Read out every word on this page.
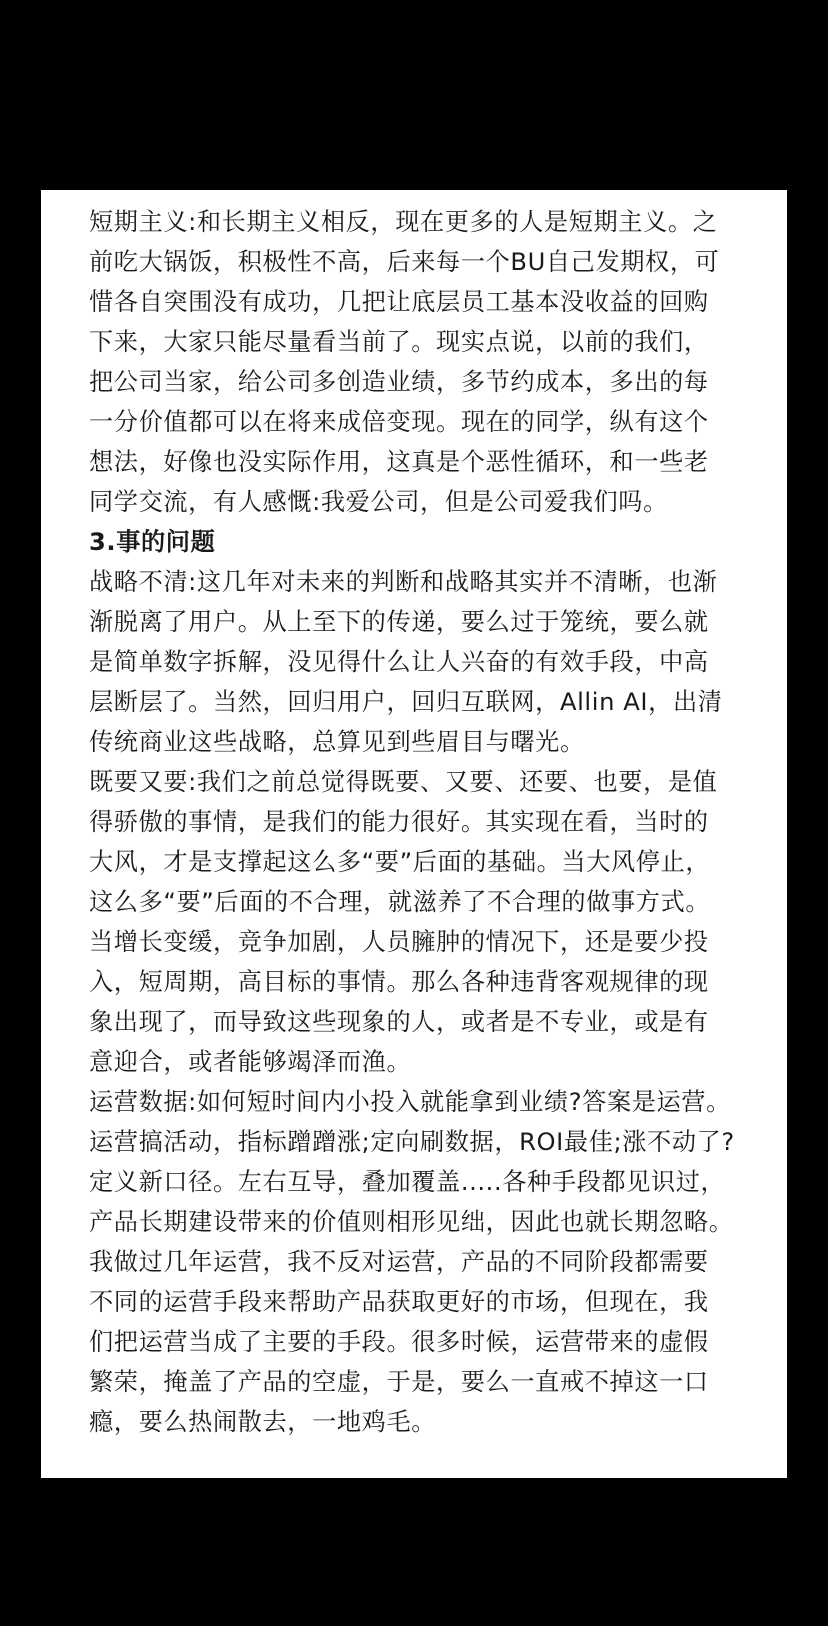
短期主义:和长期主义相反，现在更多的人是短期主义。之
前吃大锅饭，积极性不高，后来每一个BU自己发期权，可
惜各自突围没有成功，几把让底层员工基本没收益的回购
下来，大家只能尽量看当前了。现实点说，以前的我们，
把公司当家，给公司多创造业绩，多节约成本，多出的每
一分价值都可以在将来成倍变现。现在的同学，纵有这个
想法，好像也没实际作用，这真是个恶性循环，和一些老
同学交流，有人感慨:我爱公司，但是公司爱我们吗。
3.事的问题
战略不清:这几年对未来的判断和战略其实并不清晰，也渐
渐脱离了用户。从上至下的传递，要么过于笼统，要么就
是简单数字拆解，没见得什么让人兴奋的有效手段，中高
层断层了。当然，回归用户，回归互联网，Allin AI，出清
传统商业这些战略，总算见到些眉目与曙光。
既要又要:我们之前总觉得既要、又要、还要、也要，是值
得骄傲的事情，是我们的能力很好。其实现在看，当时的
大风，才是支撑起这么多“要”后面的基础。当大风停止，
这么多“要”后面的不合理，就滋养了不合理的做事方式。
当增长变缓，竞争加剧，人员臃肿的情况下，还是要少投
入，短周期，高目标的事情。那么各种违背客观规律的现
象出现了，而导致这些现象的人，或者是不专业，或是有
意迎合，或者能够竭泽而渔。
运营数据:如何短时间内小投入就能拿到业绩?答案是运营。
运营搞活动，指标蹭蹭涨;定向刷数据，ROI最佳;涨不动了?
定义新口径。左右互导，叠加覆盖.....各种手段都见识过，
产品长期建设带来的价值则相形见绌，因此也就长期忽略。
我做过几年运营，我不反对运营，产品的不同阶段都需要
不同的运营手段来帮助产品获取更好的市场，但现在，我
们把运营当成了主要的手段。很多时候，运营带来的虚假
繁荣，掩盖了产品的空虚，于是，要么一直戒不掉这一口
瘾，要么热闹散去，一地鸡毛。
